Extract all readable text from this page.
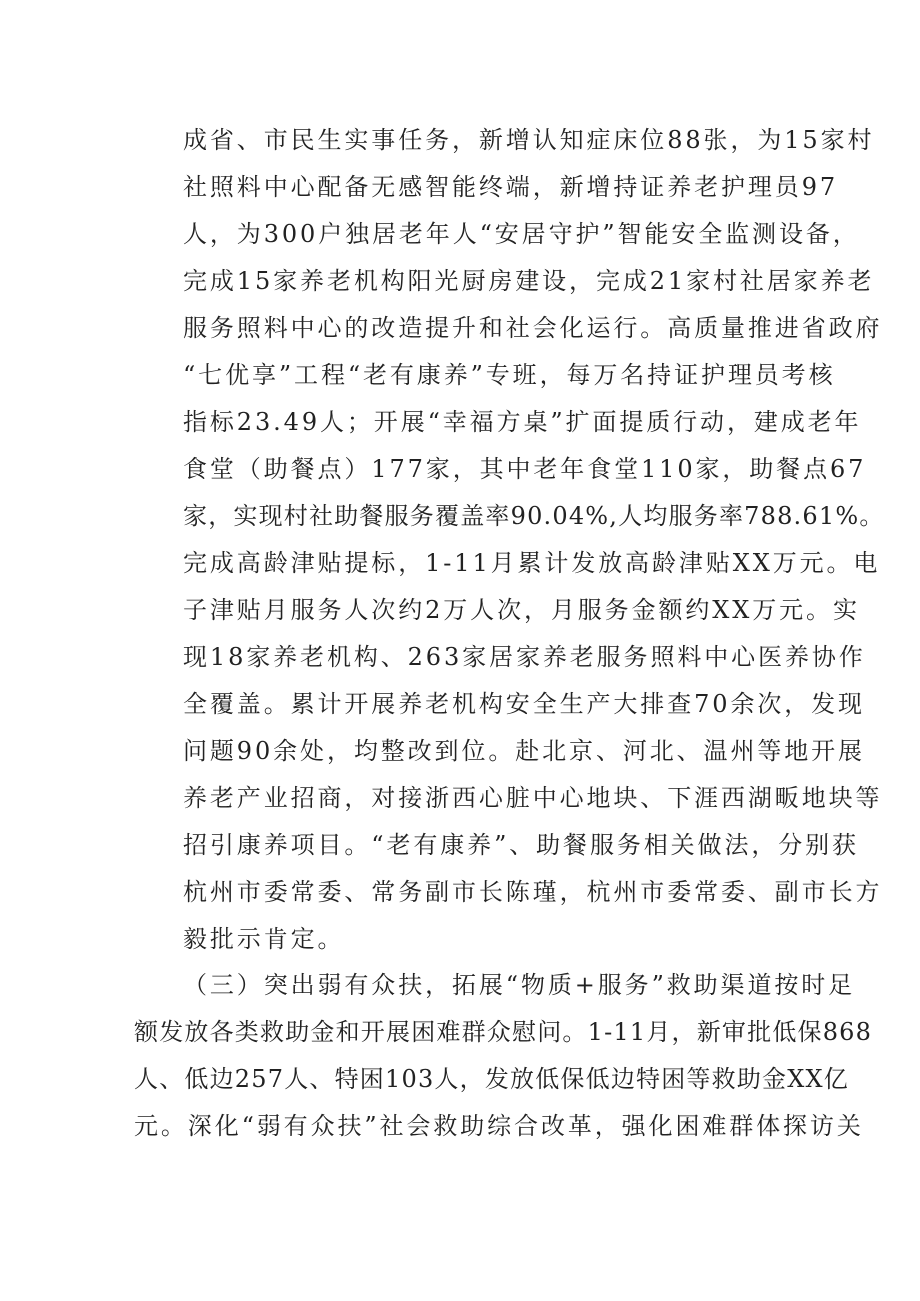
成省、市民生实事任务，新增认知症床位88张，为15家村
社照料中心配备无感智能终端，新增持证养老护理员97
人，为300户独居老年人“安居守护”智能安全监测设备，
完成15家养老机构阳光厨房建设，完成21家村社居家养老
服务照料中心的改造提升和社会化运行。高质量推进省政府
“七优享”工程“老有康养”专班，每万名持证护理员考核
指标23.49人；开展“幸福方桌”扩面提质行动，建成老年
食堂（助餐点）177家，其中老年食堂110家，助餐点67
家，实现村社助餐服务覆盖率90.04%,人均服务率788.61%。
完成高龄津贴提标，1-11月累计发放高龄津贴XX万元。电
子津贴月服务人次约2万人次，月服务金额约XX万元。实
现18家养老机构、263家居家养老服务照料中心医养协作
全覆盖。累计开展养老机构安全生产大排查70余次，发现
问题90余处，均整改到位。赴北京、河北、温州等地开展
养老产业招商，对接浙西心脏中心地块、下涯西湖畈地块等
招引康养项目。“老有康养”、助餐服务相关做法，分别获
杭州市委常委、常务副市长陈瑾，杭州市委常委、副市长方
毅批示肯定。
（三）突出弱有众扶，拓展“物质+服务”救助渠道按时足
额发放各类救助金和开展困难群众慰问。1-11月，新审批低保868
人、低边257人、特困103人，发放低保低边特困等救助金XX亿
元。深化“弱有众扶”社会救助综合改革，强化困难群体探访关
